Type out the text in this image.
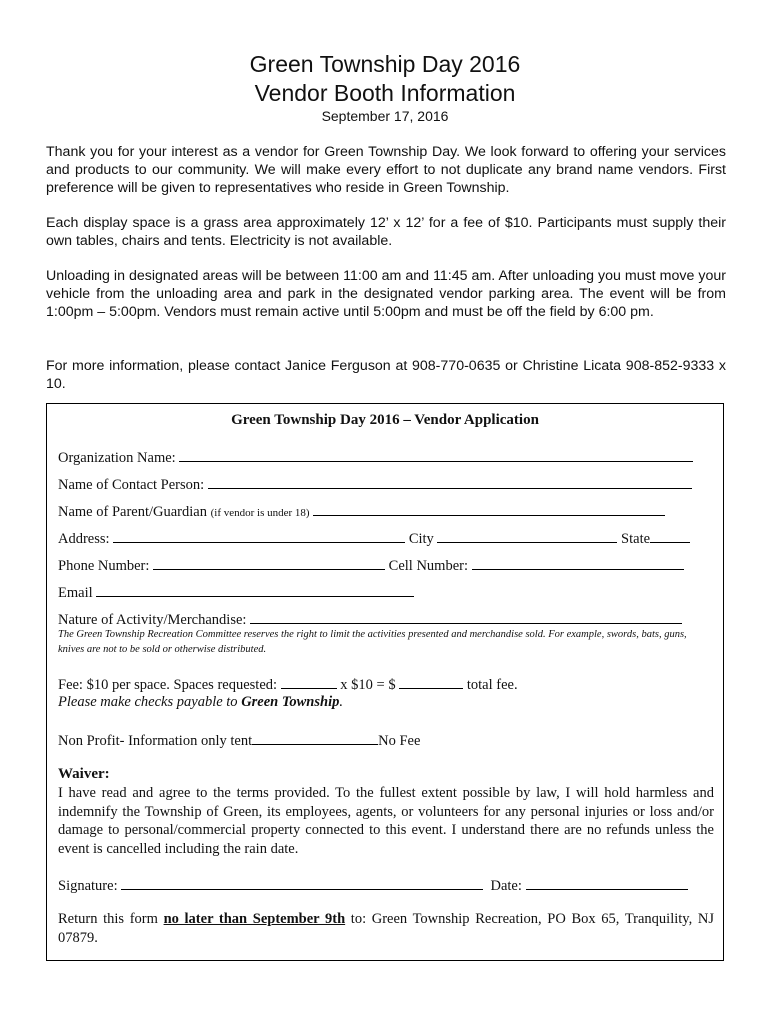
Green Township Day 2016
Vendor Booth Information
September 17, 2016
Thank you for your interest as a vendor for Green Township Day. We look forward to offering your services and products to our community. We will make every effort to not duplicate any brand name vendors. First preference will be given to representatives who reside in Green Township.
Each display space is a grass area approximately 12’ x 12’ for a fee of $10. Participants must supply their own tables, chairs and tents. Electricity is not available.
Unloading in designated areas will be between 11:00 am and 11:45 am. After unloading you must move your vehicle from the unloading area and park in the designated vendor parking area. The event will be from 1:00pm – 5:00pm. Vendors must remain active until 5:00pm and must be off the field by 6:00 pm.
For more information, please contact Janice Ferguson at 908-770-0635 or Christine Licata 908-852-9333 x 10.
Green Township Day 2016 – Vendor Application
Organization Name:
Name of Contact Person:
Name of Parent/Guardian (if vendor is under 18)
Address:	City	State
Phone Number:	Cell Number:
Email
Nature of Activity/Merchandise:
The Green Township Recreation Committee reserves the right to limit the activities presented and merchandise sold. For example, swords, bats, guns, knives are not to be sold or otherwise distributed.
Fee: $10 per space. Spaces requested:	x $10 = $	total fee.
Please make checks payable to Green Township.
Non Profit- Information only tent	No Fee
Waiver:
I have read and agree to the terms provided. To the fullest extent possible by law, I will hold harmless and indemnify the Township of Green, its employees, agents, or volunteers for any personal injuries or loss and/or damage to personal/commercial property connected to this event. I understand there are no refunds unless the event is cancelled including the rain date.
Signature:	Date:
Return this form no later than September 9th to: Green Township Recreation, PO Box 65, Tranquility, NJ 07879.
